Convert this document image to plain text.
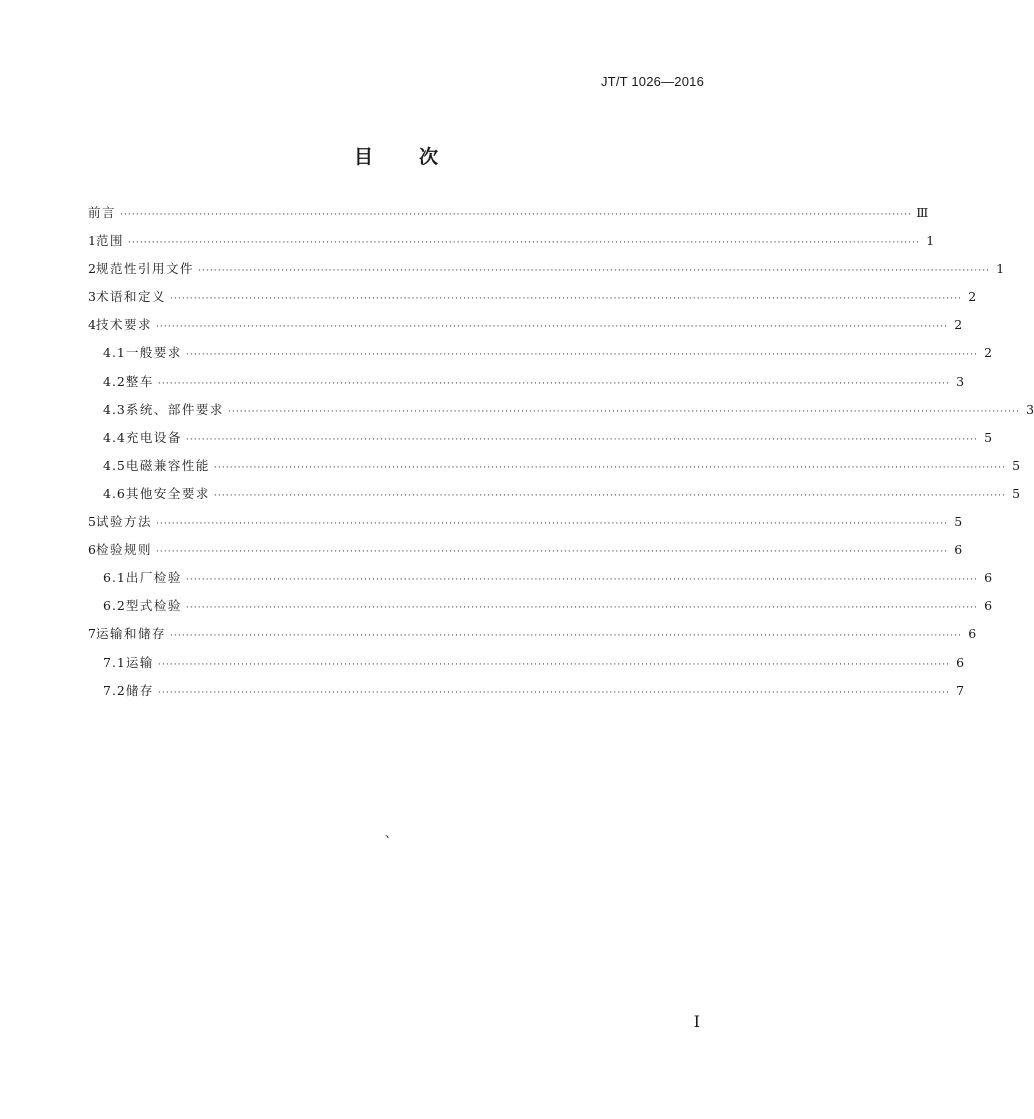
JT/T 1026—2016
目 次
前言 ········································································································································································································ Ⅲ
1 范围 ········································································································································································································ 1
2 规范性引用文件 ········································································································································································································ 1
3 术语和定义 ········································································································································································································ 2
4 技术要求 ········································································································································································································ 2
4.1 一般要求 ········································································································································································································ 2
4.2 整车 ········································································································································································································ 3
4.3 系统、部件要求 ········································································································································································································ 3
4.4 充电设备 ········································································································································································································ 5
4.5 电磁兼容性能 ········································································································································································································ 5
4.6 其他安全要求 ········································································································································································································ 5
5 试验方法 ········································································································································································································ 5
6 检验规则 ········································································································································································································ 6
6.1 出厂检验 ········································································································································································································ 6
6.2 型式检验 ········································································································································································································ 6
7 运输和储存 ········································································································································································································ 6
7.1 运输 ········································································································································································································ 6
7.2 储存 ········································································································································································································ 7
、
I
